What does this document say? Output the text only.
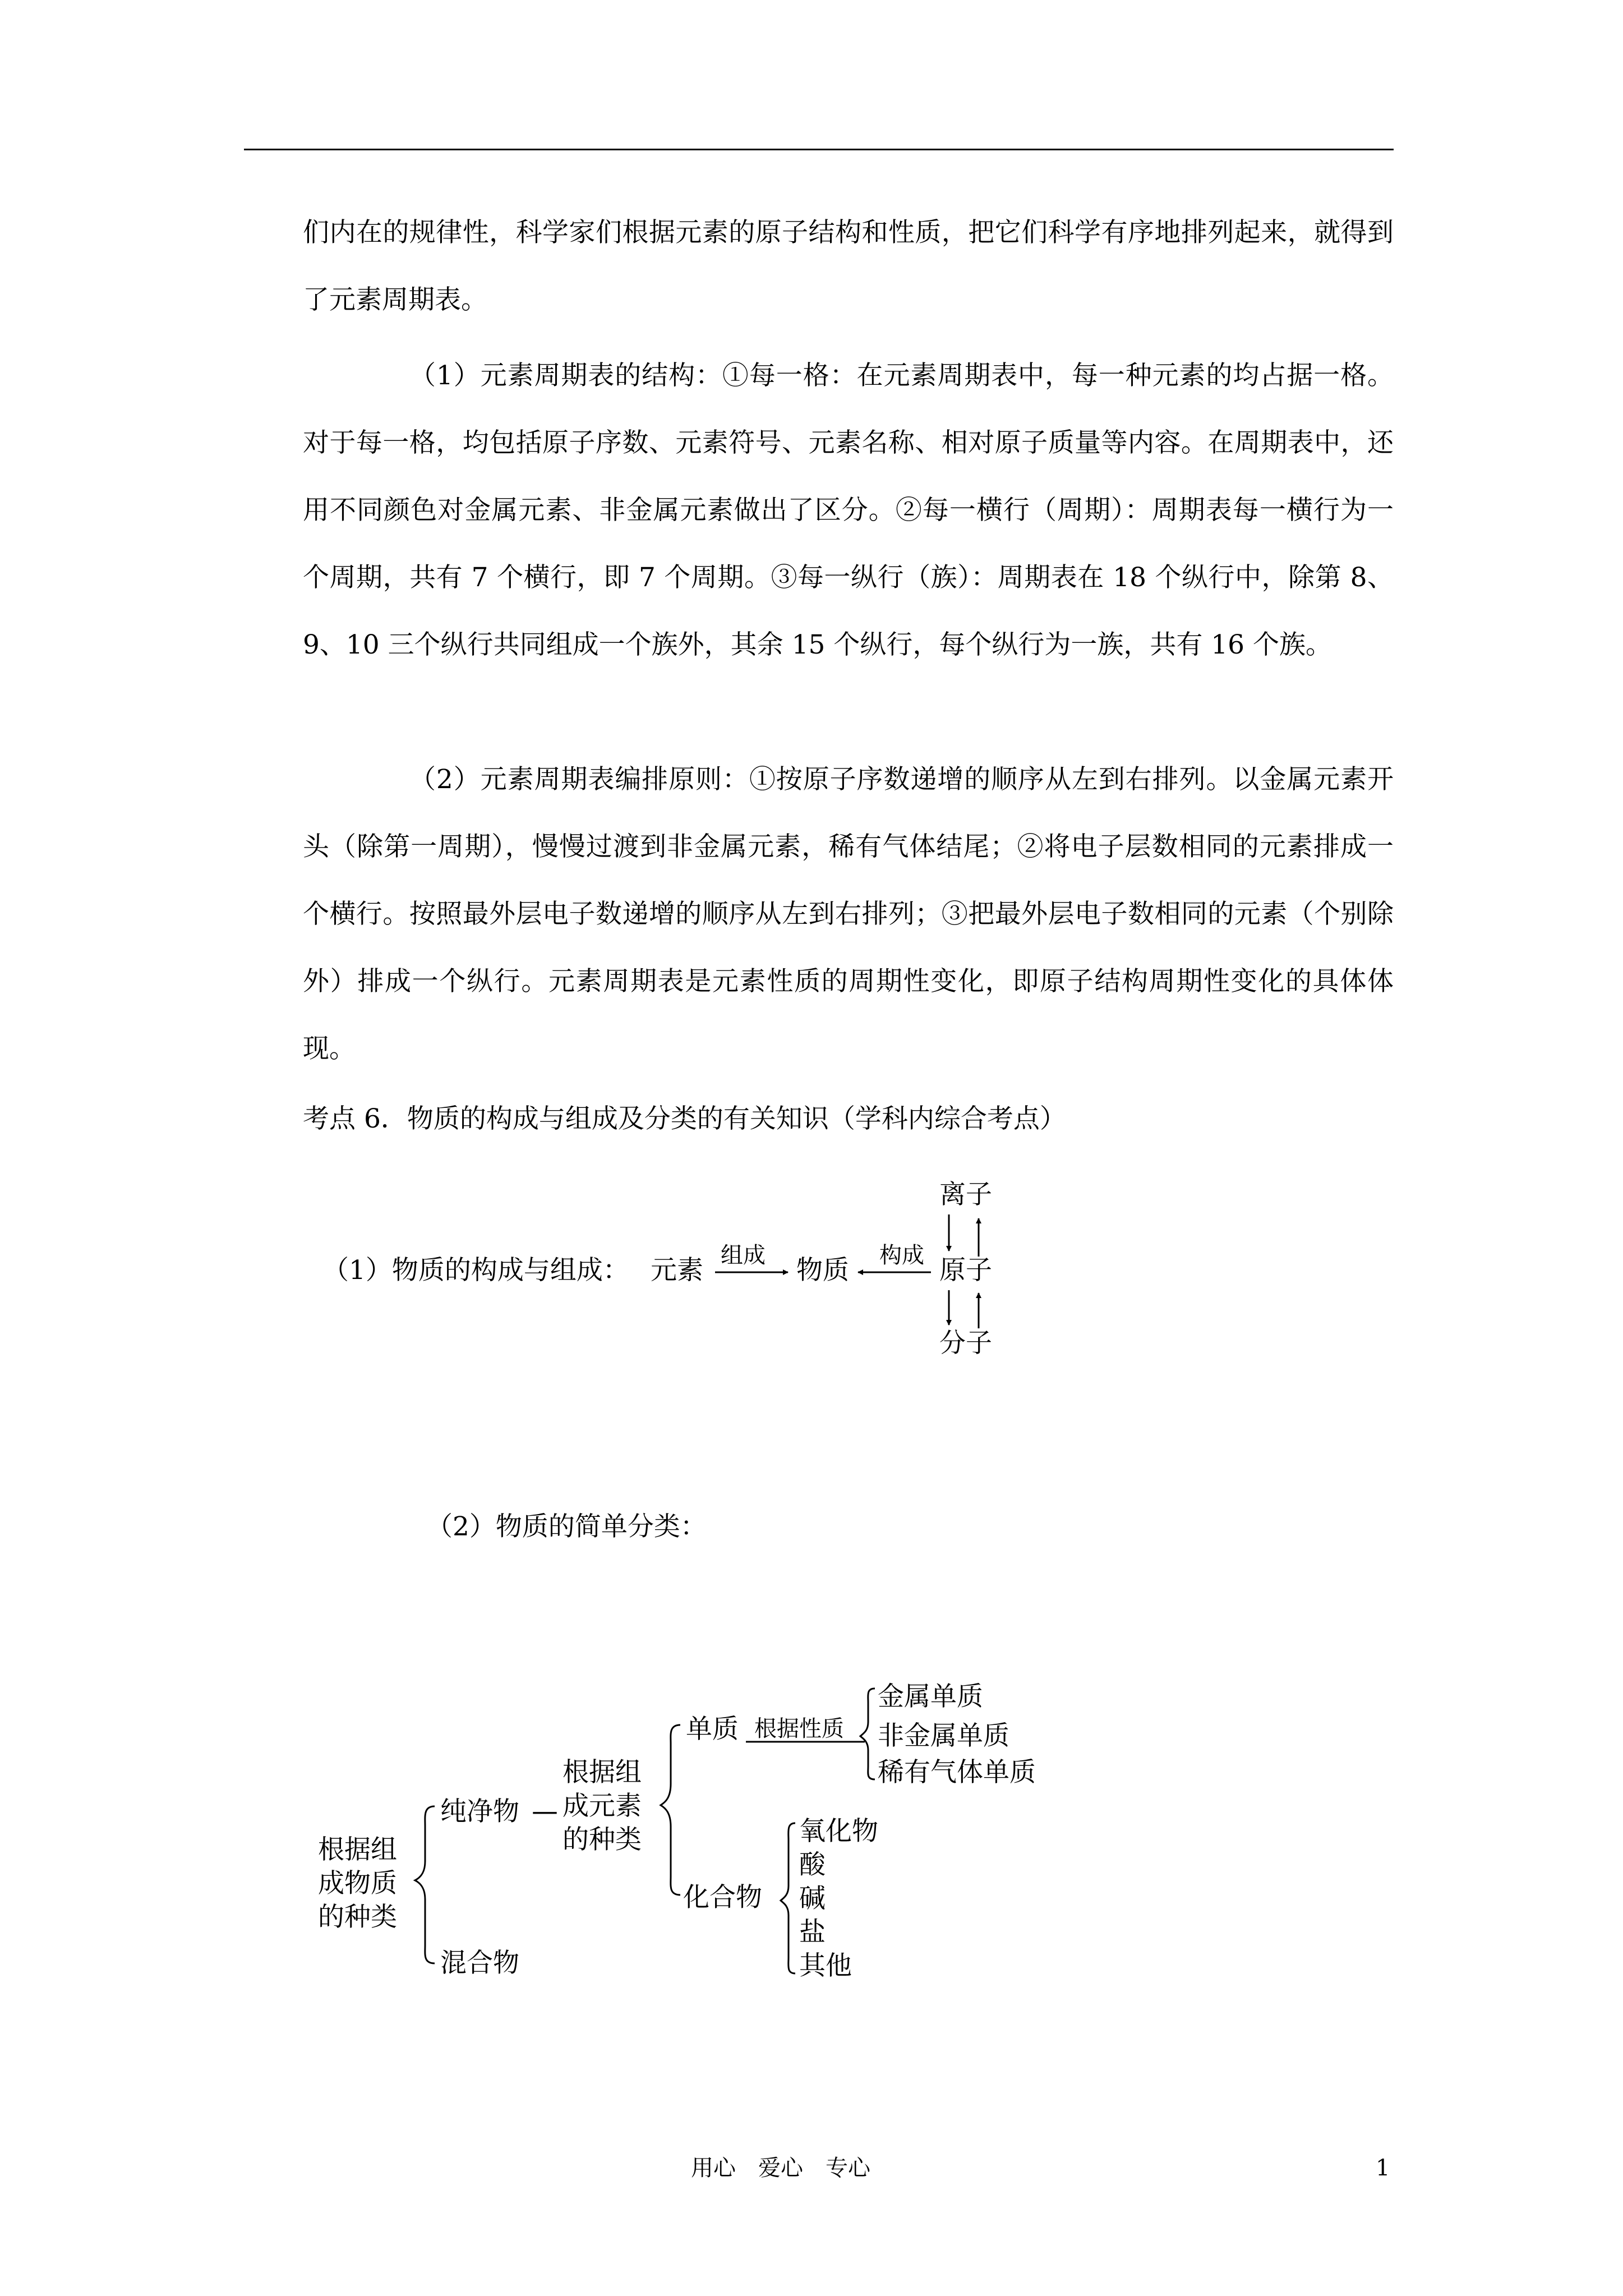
们内在的规律性，科学家们根据元素的原子结构和性质，把它们科学有序地排列起来，就得到了元素周期表。

（1）元素周期表的结构：①每一格：在元素周期表中，每一种元素的均占据一格。对于每一格，均包括原子序数、元素符号、元素名称、相对原子质量等内容。在周期表中，还用不同颜色对金属元素、非金属元素做出了区分。②每一横行（周期）：周期表每一横行为一个周期，共有 7 个横行，即 7 个周期。③每一纵行（族）：周期表在 18 个纵行中，除第 8、9、10 三个纵行共同组成一个族外，其余 15 个纵行，每个纵行为一族，共有 16 个族。

（2）元素周期表编排原则：①按原子序数递增的顺序从左到右排列。以金属元素开头（除第一周期），慢慢过渡到非金属元素，稀有气体结尾；②将电子层数相同的元素排成一个横行。按照最外层电子数递增的顺序从左到右排列；③把最外层电子数相同的元素（个别除外）排成一个纵行。元素周期表是元素性质的周期性变化，即原子结构周期性变化的具体体现。

考点 6．物质的构成与组成及分类的有关知识（学科内综合考点）
（1）物质的构成与组成： 元素 组成 物质 构成
离子
原子
分子
（2）物质的简单分类：
根据组
成物质
的种类
纯净物 —
混合物
根据组
成元素
的种类
单质 根据性质
金属单质
非金属单质
稀有气体单质
化合物
氧化物
酸
碱
盐
其他
用心　爱心　专心	1
